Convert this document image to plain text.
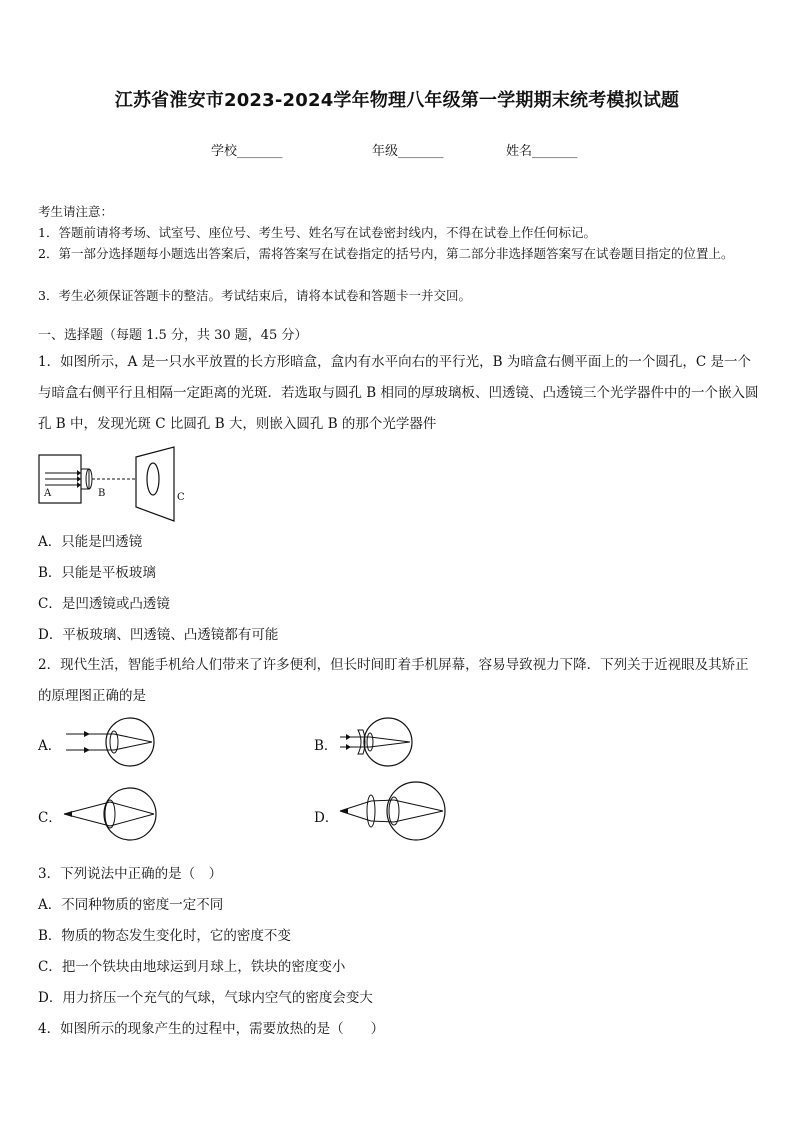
江苏省淮安市2023-2024学年物理八年级第一学期期末统考模拟试题
学校_______	年级_______	姓名_______
考生请注意：
1．答题前请将考场、试室号、座位号、考生号、姓名写在试卷密封线内，不得在试卷上作任何标记。
2．第一部分选择题每小题选出答案后，需将答案写在试卷指定的括号内，第二部分非选择题答案写在试卷题目指定的位置上。
3．考生必须保证答题卡的整洁。考试结束后，请将本试卷和答题卡一并交回。
一、选择题（每题 1.5 分，共 30 题，45 分）
1．如图所示，A 是一只水平放置的长方形暗盒，盒内有水平向右的平行光，B 为暗盒右侧平面上的一个圆孔，C 是一个与暗盒右侧平行且相隔一定距离的光斑．若选取与圆孔 B 相同的厚玻璃板、凹透镜、凸透镜三个光学器件中的一个嵌入圆孔 B 中，发现光斑 C 比圆孔 B 大，则嵌入圆孔 B 的那个光学器件
A	B	C
A．只能是凹透镜
B．只能是平板玻璃
C．是凹透镜或凸透镜
D．平板玻璃、凹透镜、凸透镜都有可能
2．现代生活，智能手机给人们带来了许多便利，但长时间盯着手机屏幕，容易导致视力下降．下列关于近视眼及其矫正的原理图正确的是
A．	B．
C．	D．
3．下列说法中正确的是（　）
A．不同种物质的密度一定不同
B．物质的物态发生变化时，它的密度不变
C．把一个铁块由地球运到月球上，铁块的密度变小
D．用力挤压一个充气的气球，气球内空气的密度会变大
4．如图所示的现象产生的过程中，需要放热的是（　　）
